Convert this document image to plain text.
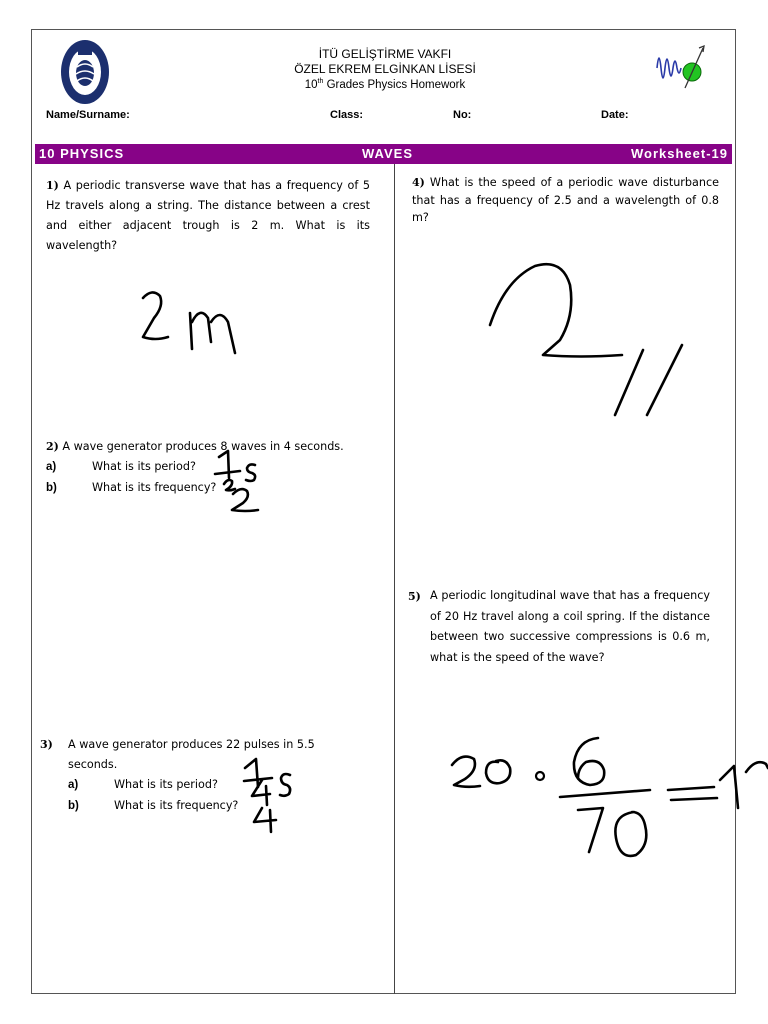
İTÜ GELİŞTİRME VAKFI
ÖZEL EKREM ELGİNKAN LİSESİ
10th Grades Physics Homework
Name/Surname:	Class:	No:	Date:
10 PHYSICS	WAVES	Worksheet-19
1) A periodic transverse wave that has a frequency of 5 Hz travels along a string. The distance between a crest and either adjacent trough is 2 m. What is its wavelength?
2) A wave generator produces 8 waves in 4 seconds.
a)	What is its period?
b)	What is its frequency?
3) A wave generator produces 22 pulses in 5.5 seconds.
a)	What is its period?
b)	What is its frequency?
4) What is the speed of a periodic wave disturbance that has a frequency of 2.5 and a wavelength of 0.8 m?
5) A periodic longitudinal wave that has a frequency of 20 Hz travel along a coil spring. If the distance between two successive compressions is 0.6 m, what is the speed of the wave?
